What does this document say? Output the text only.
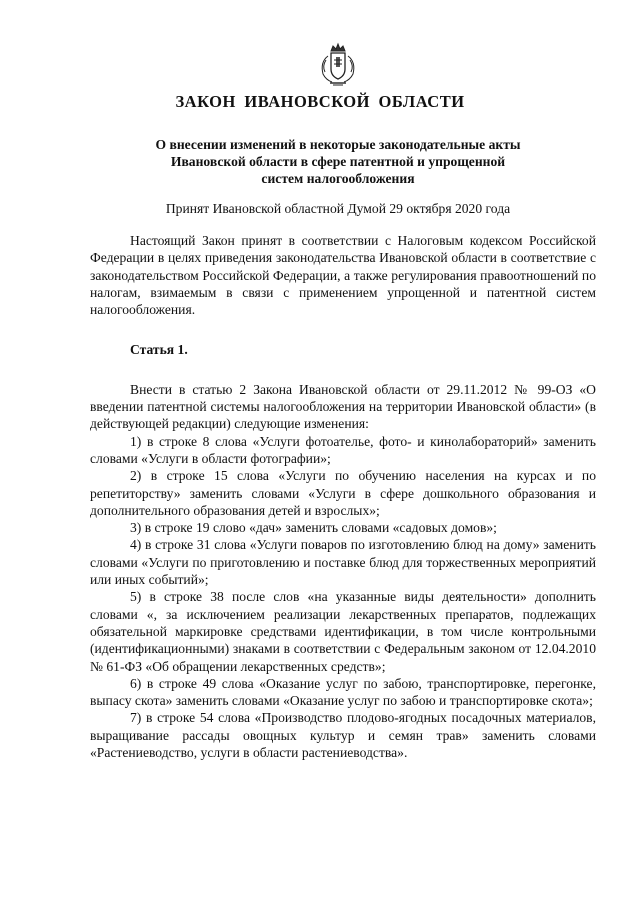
ЗАКОН ИВАНОВСКОЙ ОБЛАСТИ
О внесении изменений в некоторые законодательные акты
Ивановской области в сфере патентной и упрощенной
систем налогообложения
Принят Ивановской областной Думой 29 октября 2020 года

Настоящий Закон принят в соответствии с Налоговым кодексом Российской Федерации в целях приведения законодательства Ивановской области в соответствие с законодательством Российской Федерации, а также регулирования правоотношений по налогам, взимаемым в связи с применением упрощенной и патентной систем налогообложения.

Статья 1.

Внести в статью 2 Закона Ивановской области от 29.11.2012 № 99-ОЗ «О введении патентной системы налогообложения на территории Ивановской области» (в действующей редакции) следующие изменения:

1) в строке 8 слова «Услуги фотоателье, фото- и кинолабораторий» заменить словами «Услуги в области фотографии»;

2) в строке 15 слова «Услуги по обучению населения на курсах и по репетиторству» заменить словами «Услуги в сфере дошкольного образования и дополнительного образования детей и взрослых»;

3) в строке 19 слово «дач» заменить словами «садовых домов»;

4) в строке 31 слова «Услуги поваров по изготовлению блюд на дому» заменить словами «Услуги по приготовлению и поставке блюд для торжественных мероприятий или иных событий»;

5) в строке 38 после слов «на указанные виды деятельности» дополнить словами «, за исключением реализации лекарственных препаратов, подлежащих обязательной маркировке средствами идентификации, в том числе контрольными (идентификационными) знаками в соответствии с Федеральным законом от 12.04.2010 № 61-ФЗ «Об обращении лекарственных средств»;

6) в строке 49 слова «Оказание услуг по забою, транспортировке, перегонке, выпасу скота» заменить словами «Оказание услуг по забою и транспортировке скота»;

7) в строке 54 слова «Производство плодово-ягодных посадочных материалов, выращивание рассады овощных культур и семян трав» заменить словами «Растениеводство, услуги в области растениеводства».
